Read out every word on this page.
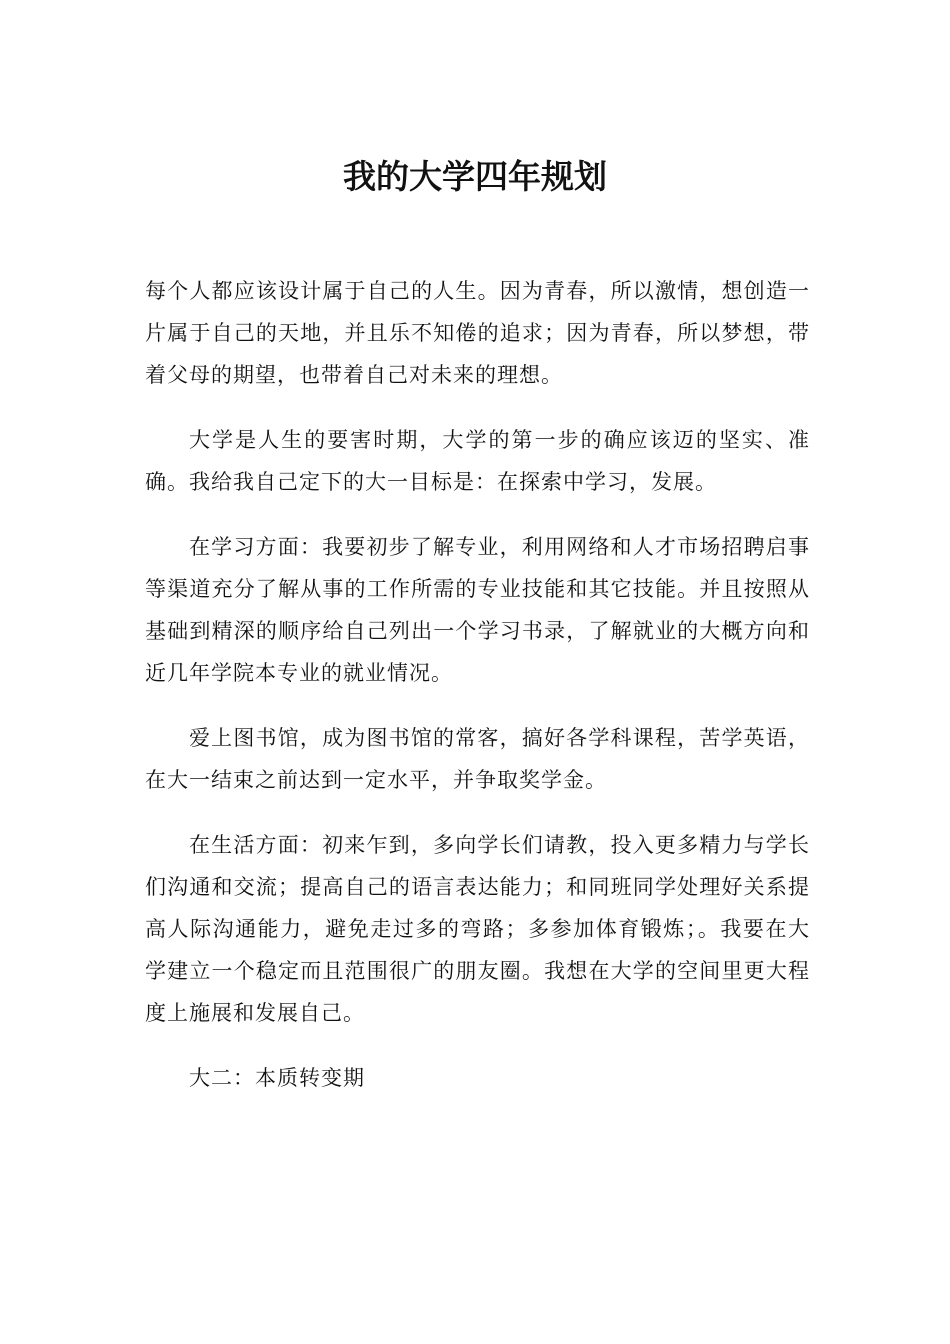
我的大学四年规划

每个人都应该设计属于自己的人生。因为青春，所以激情，想创造一片属于自己的天地，并且乐不知倦的追求；因为青春，所以梦想，带着父母的期望，也带着自己对未来的理想。

大学是人生的要害时期，大学的第一步的确应该迈的坚实、准确。我给我自己定下的大一目标是：在探索中学习，发展。

在学习方面：我要初步了解专业，利用网络和人才市场招聘启事等渠道充分了解从事的工作所需的专业技能和其它技能。并且按照从基础到精深的顺序给自己列出一个学习书录，了解就业的大概方向和近几年学院本专业的就业情况。

爱上图书馆，成为图书馆的常客，搞好各学科课程，苦学英语，在大一结束之前达到一定水平，并争取奖学金。

在生活方面：初来乍到，多向学长们请教，投入更多精力与学长们沟通和交流；提高自己的语言表达能力；和同班同学处理好关系提高人际沟通能力，避免走过多的弯路；多参加体育锻炼；。我要在大学建立一个稳定而且范围很广的朋友圈。我想在大学的空间里更大程度上施展和发展自己。

大二：本质转变期
